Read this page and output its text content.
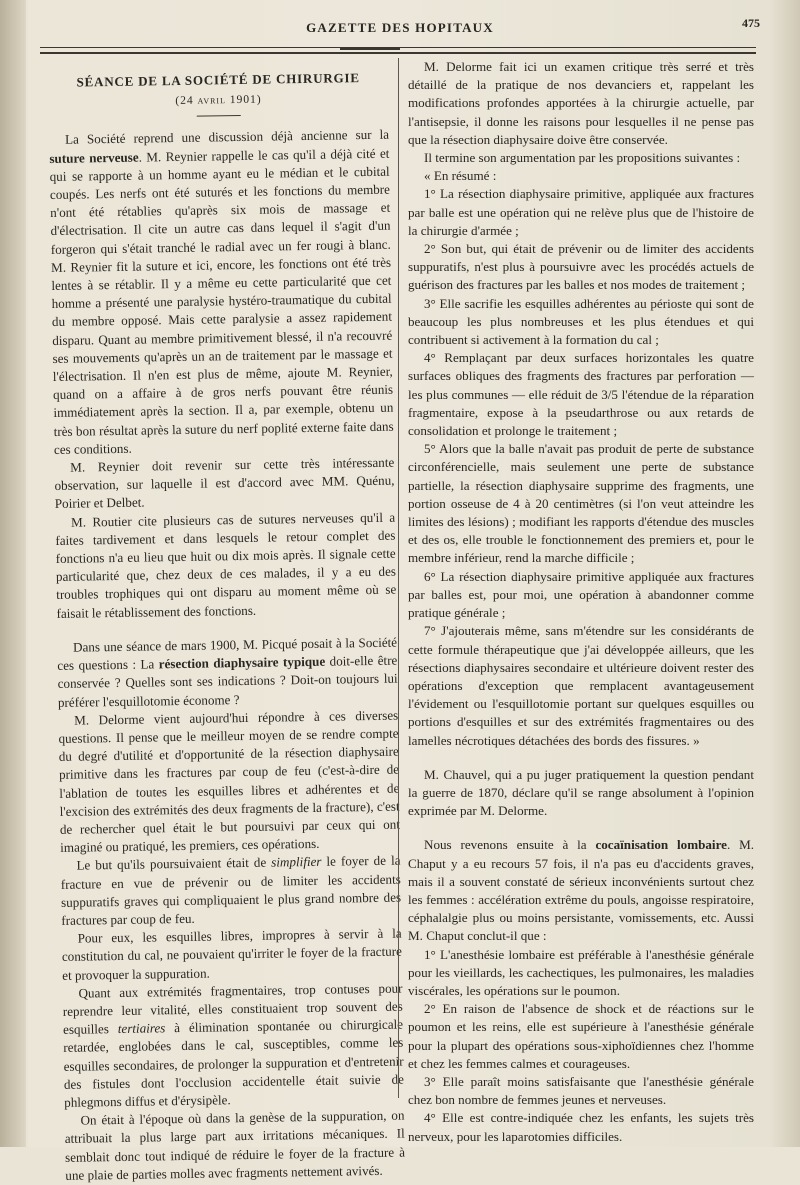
GAZETTE DES HOPITAUX	475
SÉANCE DE LA SOCIÉTÉ DE CHIRURGIE
(24 avril 1901)

La Société reprend une discussion déjà ancienne sur la suture nerveuse. M. Reynier rappelle le cas qu'il a déjà cité et qui se rapporte à un homme ayant eu le médian et le cubital coupés. Les nerfs ont été suturés et les fonctions du membre n'ont été rétablies qu'après six mois de massage et d'électrisation. Il cite un autre cas dans lequel il s'agit d'un forgeron qui s'était tranché le radial avec un fer rougi à blanc. M. Reynier fit la suture et ici, encore, les fonctions ont été très lentes à se rétablir. Il y a même eu cette particularité que cet homme a présenté une paralysie hystéro-traumatique du cubital du membre opposé. Mais cette paralysie a assez rapidement disparu. Quant au membre primitivement blessé, il n'a recouvré ses mouvements qu'après un an de traitement par le massage et l'électrisation. Il n'en est plus de même, ajoute M. Reynier, quand on a affaire à de gros nerfs pouvant être réunis immédiatement après la section. Il a, par exemple, obtenu un très bon résultat après la suture du nerf poplité externe faite dans ces conditions.

M. Reynier doit revenir sur cette très intéressante observation, sur laquelle il est d'accord avec MM. Quénu, Poirier et Delbet.

M. Routier cite plusieurs cas de sutures nerveuses qu'il a faites tardivement et dans lesquels le retour complet des fonctions n'a eu lieu que huit ou dix mois après. Il signale cette particularité que, chez deux de ces malades, il y a eu des troubles trophiques qui ont disparu au moment même où se faisait le rétablissement des fonctions.

Dans une séance de mars 1900, M. Picqué posait à la Société ces questions : La résection diaphysaire typique doit-elle être conservée ? Quelles sont ses indications ? Doit-on toujours lui préférer l'esquillotomie économe ?

M. Delorme vient aujourd'hui répondre à ces diverses questions. Il pense que le meilleur moyen de se rendre compte du degré d'utilité et d'opportunité de la résection diaphysaire primitive dans les fractures par coup de feu (c'est-à-dire de l'ablation de toutes les esquilles libres et adhérentes et de l'excision des extrémités des deux fragments de la fracture), c'est de rechercher quel était le but poursuivi par ceux qui ont imaginé ou pratiqué, les premiers, ces opérations.

Le but qu'ils poursuivaient était de simplifier le foyer de la fracture en vue de prévenir ou de limiter les accidents suppuratifs graves qui compliquaient le plus grand nombre des fractures par coup de feu.

Pour eux, les esquilles libres, impropres à servir à la constitution du cal, ne pouvaient qu'irriter le foyer de la fracture et provoquer la suppuration.

Quant aux extrémités fragmentaires, trop contuses pour reprendre leur vitalité, elles constituaient trop souvent des esquilles tertiaires à élimination spontanée ou chirurgicale retardée, englobées dans le cal, susceptibles, comme les esquilles secondaires, de prolonger la suppuration et d'entretenir des fistules dont l'occlusion accidentelle était suivie de phlegmons diffus et d'érysipèle.

On était à l'époque où dans la genèse de la suppuration, on attribuait la plus large part aux irritations mécaniques. Il semblait donc tout indiqué de réduire le foyer de la fracture à une plaie de parties molles avec fragments nettement avivés.

M. Delorme fait ici un examen critique très serré et très détaillé de la pratique de nos devanciers et, rappelant les modifications profondes apportées à la chirurgie actuelle, par l'antisepsie, il donne les raisons pour lesquelles il ne pense pas que la résection diaphysaire doive être conservée.

Il termine son argumentation par les propositions suivantes :

« En résumé :

1° La résection diaphysaire primitive, appliquée aux fractures par balle est une opération qui ne relève plus que de l'histoire de la chirurgie d'armée ;

2° Son but, qui était de prévenir ou de limiter des accidents suppuratifs, n'est plus à poursuivre avec les procédés actuels de guérison des fractures par les balles et nos modes de traitement ;

3° Elle sacrifie les esquilles adhérentes au périoste qui sont de beaucoup les plus nombreuses et les plus étendues et qui contribuent si activement à la formation du cal ;

4° Remplaçant par deux surfaces horizontales les quatre surfaces obliques des fragments des fractures par perforation — les plus communes — elle réduit de 3/5 l'étendue de la réparation fragmentaire, expose à la pseudarthrose ou aux retards de consolidation et prolonge le traitement ;

5° Alors que la balle n'avait pas produit de perte de substance circonférencielle, mais seulement une perte de substance partielle, la résection diaphysaire supprime des fragments, une portion osseuse de 4 à 20 centimètres (si l'on veut atteindre les limites des lésions) ; modifiant les rapports d'étendue des muscles et des os, elle trouble le fonctionnement des premiers et, pour le membre inférieur, rend la marche difficile ;

6° La résection diaphysaire primitive appliquée aux fractures par balles est, pour moi, une opération à abandonner comme pratique générale ;

7° J'ajouterais même, sans m'étendre sur les considérants de cette formule thérapeutique que j'ai développée ailleurs, que les résections diaphysaires secondaire et ultérieure doivent rester des opérations d'exception que remplacent avantageusement l'évidement ou l'esquillotomie portant sur quelques esquilles ou portions d'esquilles et sur des extrémités fragmentaires ou des lamelles nécrotiques détachées des bords des fissures. »

M. Chauvel, qui a pu juger pratiquement la question pendant la guerre de 1870, déclare qu'il se range absolument à l'opinion exprimée par M. Delorme.

Nous revenons ensuite à la cocaïnisation lombaire. M. Chaput y a eu recours 57 fois, il n'a pas eu d'accidents graves, mais il a souvent constaté de sérieux inconvénients surtout chez les femmes : accélération extrême du pouls, angoisse respiratoire, céphalalgie plus ou moins persistante, vomissements, etc. Aussi M. Chaput conclut-il que :

1° L'anesthésie lombaire est préférable à l'anesthésie générale pour les vieillards, les cachectiques, les pulmonaires, les maladies viscérales, les opérations sur le poumon.

2° En raison de l'absence de shock et de réactions sur le poumon et les reins, elle est supérieure à l'anesthésie générale pour la plupart des opérations sous-xiphoïdiennes chez l'homme et chez les femmes calmes et courageuses.

3° Elle paraît moins satisfaisante que l'anesthésie générale chez bon nombre de femmes jeunes et nerveuses.

4° Elle est contre-indiquée chez les enfants, les sujets très nerveux, pour les laparotomies difficiles.
